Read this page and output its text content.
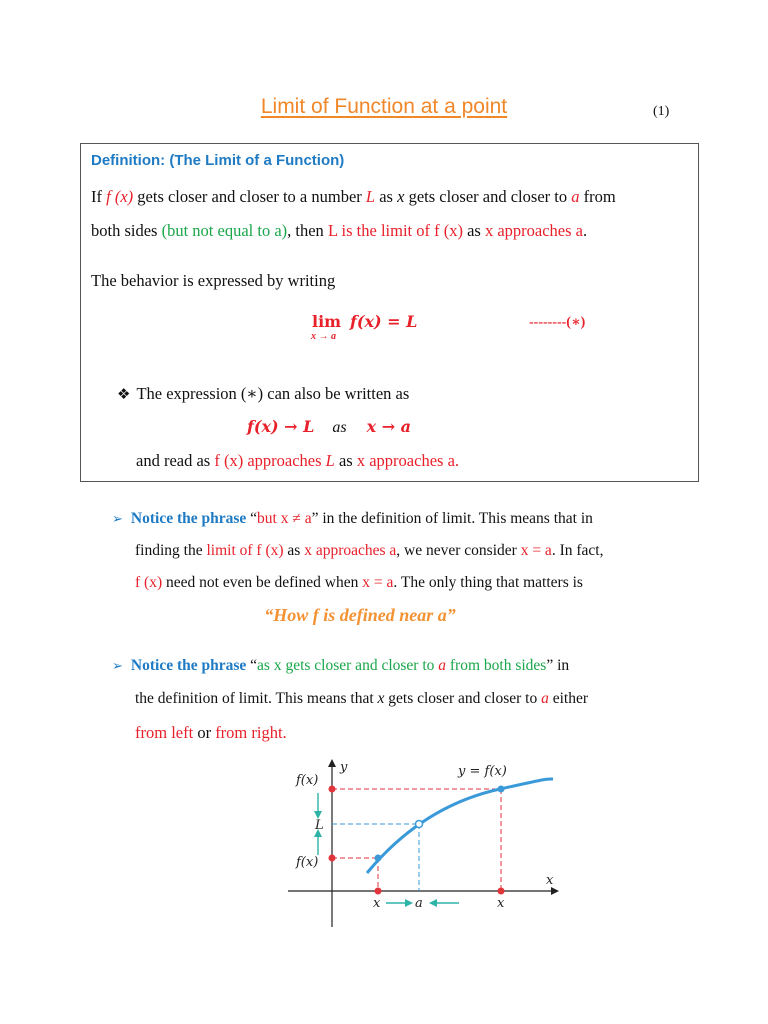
Limit of Function at a point	(1)
Definition: (The Limit of a Function)
If f (x) gets closer and closer to a number L as x gets closer and closer to a from
both sides (but not equal to a), then L is the limit of f (x) as x approaches a.
The behavior is expressed by writing
lim
x → a
f(x) = L	--------(∗)
❖ The expression (∗) can also be written as
f(x) → L as x → a
and read as f (x) approaches L as x approaches a.
➢ Notice the phrase “but x ≠ a” in the definition of limit. This means that in
finding the limit of f (x) as x approaches a, we never consider x = a. In fact,
f (x) need not even be defined when x = a. The only thing that matters is
“How f is defined near a”
➢ Notice the phrase “as x gets closer and closer to a from both sides” in
the definition of limit. This means that x gets closer and closer to a either
from left or from right.
y
x
y = f(x)
f(x)
L
f(x)
x	a	x
